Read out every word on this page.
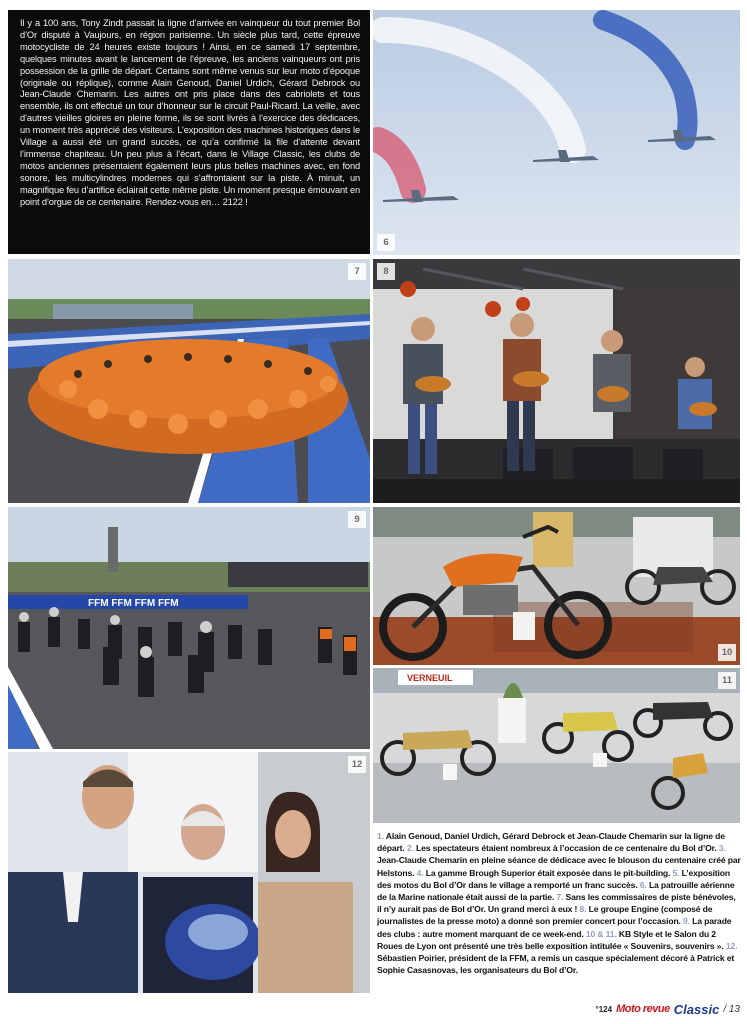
Il y a 100 ans, Tony Zindt passait la ligne d’arrivée en vainqueur du tout premier Bol d’Or disputé à Vaujours, en région parisienne. Un siècle plus tard, cette épreuve motocycliste de 24 heures existe toujours ! Ainsi, en ce samedi 17 septembre, quelques minutes avant le lancement de l’épreuve, les anciens vainqueurs ont pris possession de la grille de départ. Certains sont même venus sur leur moto d’époque (originale ou réplique), comme Alain Genoud, Daniel Urdich, Gérard Debrock ou Jean-Claude Chemarin. Les autres ont pris place dans des cabriolets et tous ensemble, ils ont effectué un tour d’honneur sur le circuit Paul-Ricard. La veille, avec d’autres vieilles gloires en pleine forme, ils se sont livrés à l’exercice des dédicaces, un moment très apprécié des visiteurs. L’exposition des machines historiques dans le Village a aussi été un grand succès, ce qu’a confirmé la file d’attente devant l’immense chapiteau. Un peu plus à l’écart, dans le Village Classic, les clubs de motos anciennes présentaient également leurs plus belles machines avec, en fond sonore, les multicylindres modernes qui s’affrontaient sur la piste. À minuit, un magnifique feu d’artifice éclairait cette même piste. Un moment presque émouvant en point d’orgue de ce centenaire. Rendez-vous en… 2122 !
6
7	8
FFM FFM FFM FFM
9
10
VERNEUIL	11
12
1. Alain Genoud, Daniel Urdich, Gérard Debrock et Jean-Claude Chemarin sur la ligne de départ. 2. Les spectateurs étaient nombreux à l’occasion de ce centenaire du Bol d’Or. 3. Jean-Claude Chemarin en pleine séance de dédicace avec le blouson du centenaire créé par Helstons. 4. La gamme Brough Superior était exposée dans le pit-building. 5. L’exposition des motos du Bol d’Or dans le village a remporté un franc succès. 6. La patrouille aérienne de la Marine nationale était aussi de la partie. 7. Sans les commissaires de piste bénévoles, il n’y aurait pas de Bol d’Or. Un grand merci à eux ! 8. Le groupe Engine (composé de journalistes de la presse moto) a donné son premier concert pour l’occasion. 9. La parade des clubs : autre moment marquant de ce week-end. 10 & 11. KB Style et le Salon du 2 Roues de Lyon ont présenté une très belle exposition intitulée « Souvenirs, souvenirs ». 12. Sébastien Poirier, président de la FFM, a remis un casque spécialement décoré à Patrick et Sophie Casasnovas, les organisateurs du Bol d’Or.
°124 Moto revue Classic / 13
